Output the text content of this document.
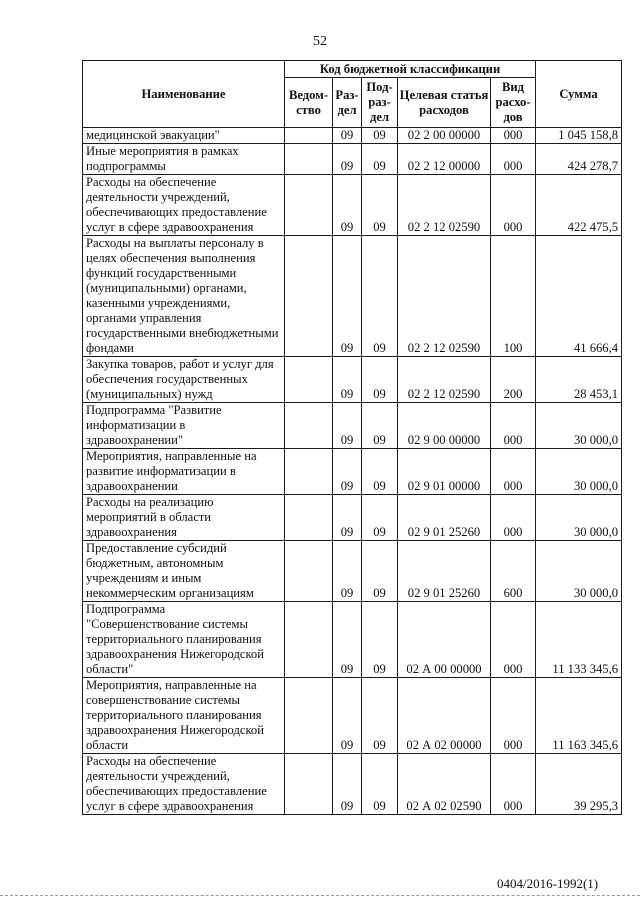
52
Наименование	Код бюджетной классификации					Сумма
	Ведом-ство	Раз-дел	Под-раз-дел	Целевая статья расходов	Вид расхо-дов	
медицинской эвакуации"		09	09	02 2 00 00000	000	1 045 158,8
Иные мероприятия в рамках подпрограммы		09	09	02 2 12 00000	000	424 278,7
Расходы на обеспечение деятельности учреждений, обеспечивающих предоставление услуг в сфере здравоохранения		09	09	02 2 12 02590	000	422 475,5
Расходы на выплаты персоналу в целях обеспечения выполнения функций государственными (муниципальными) органами, казенными учреждениями, органами управления государственными внебюджетными фондами		09	09	02 2 12 02590	100	41 666,4
Закупка товаров, работ и услуг для обеспечения государственных (муниципальных) нужд		09	09	02 2 12 02590	200	28 453,1
Подпрограмма "Развитие информатизации в здравоохранении"		09	09	02 9 00 00000	000	30 000,0
Мероприятия, направленные на развитие информатизации в здравоохранении		09	09	02 9 01 00000	000	30 000,0
Расходы на реализацию мероприятий в области здравоохранения		09	09	02 9 01 25260	000	30 000,0
Предоставление субсидий бюджетным, автономным учреждениям и иным некоммерческим организациям		09	09	02 9 01 25260	600	30 000,0
Подпрограмма "Совершенствование системы территориального планирования здравоохранения Нижегородской области"		09	09	02 А 00 00000	000	11 133 345,6
Мероприятия, направленные на совершенствование системы территориального планирования здравоохранения Нижегородской области		09	09	02 А 02 00000	000	11 163 345,6
Расходы на обеспечение деятельности учреждений, обеспечивающих предоставление услуг в сфере здравоохранения		09	09	02 А 02 02590	000	39 295,3
0404/2016-1992(1)
